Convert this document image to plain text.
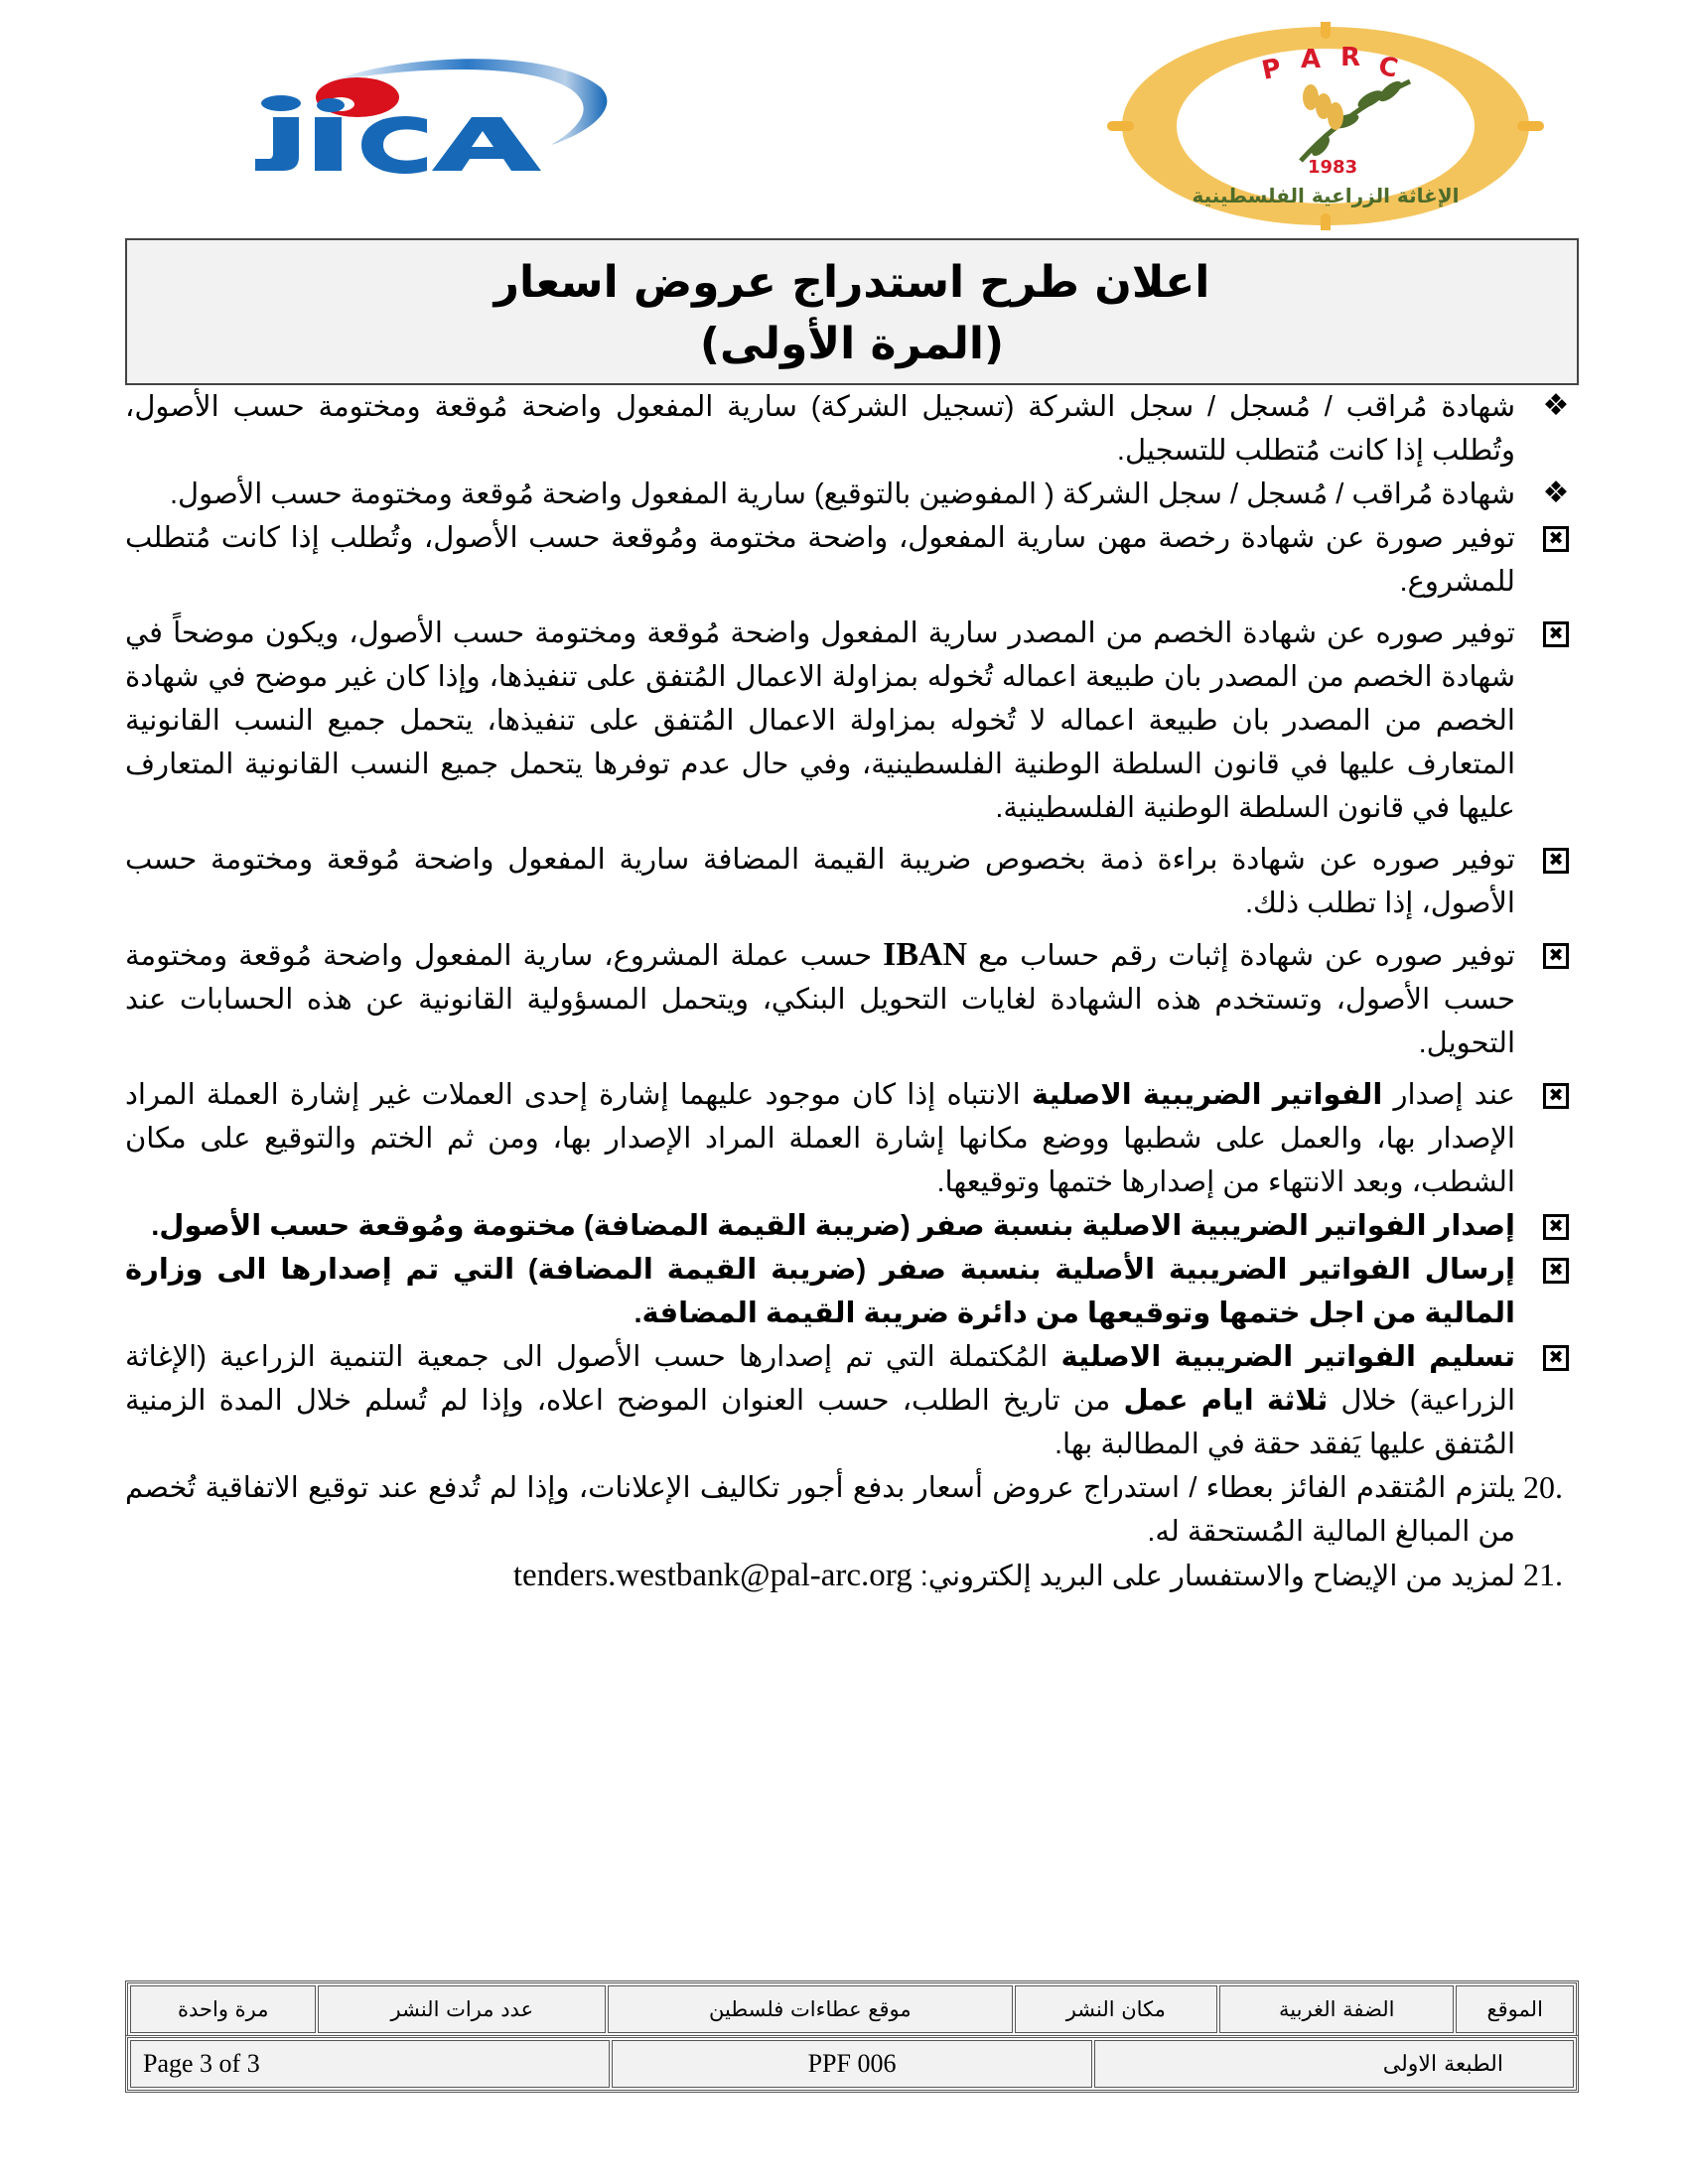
P A R C
1983
الإغاثة الزراعية الفلسطينية
اعلان طرح استدراج عروض اسعار
(المرة الأولى)
❖
شهادة مُراقب / مُسجل / سجل الشركة (تسجيل الشركة) سارية المفعول واضحة مُوقعة ومختومة حسب الأصول، وتُطلب إذا كانت مُتطلب للتسجيل.
❖
شهادة مُراقب / مُسجل / سجل الشركة ( المفوضين بالتوقيع) سارية المفعول واضحة مُوقعة ومختومة حسب الأصول.
✖
توفير صورة عن شهادة رخصة مهن سارية المفعول، واضحة مختومة ومُوقعة حسب الأصول، وتُطلب إذا كانت مُتطلب للمشروع.
✖
توفير صوره عن شهادة الخصم من المصدر سارية المفعول واضحة مُوقعة ومختومة حسب الأصول، ويكون موضحاً في شهادة الخصم من المصدر بان طبيعة اعماله تُخوله بمزاولة الاعمال المُتفق على تنفيذها، وإذا كان غير موضح في شهادة الخصم من المصدر بان طبيعة اعماله لا تُخوله بمزاولة الاعمال المُتفق على تنفيذها، يتحمل جميع النسب القانونية المتعارف عليها في قانون السلطة الوطنية الفلسطينية، وفي حال عدم توفرها يتحمل جميع النسب القانونية المتعارف عليها في قانون السلطة الوطنية الفلسطينية.
✖
توفير صوره عن شهادة براءة ذمة بخصوص ضريبة القيمة المضافة سارية المفعول واضحة مُوقعة ومختومة حسب الأصول، إذا تطلب ذلك.
✖
توفير صوره عن شهادة إثبات رقم حساب مع IBAN حسب عملة المشروع، سارية المفعول واضحة مُوقعة ومختومة حسب الأصول، وتستخدم هذه الشهادة لغايات التحويل البنكي، ويتحمل المسؤولية القانونية عن هذه الحسابات عند التحويل.
✖
عند إصدار الفواتير الضريبية الاصلية الانتباه إذا كان موجود عليهما إشارة إحدى العملات غير إشارة العملة المراد الإصدار بها، والعمل على شطبها ووضع مكانها إشارة العملة المراد الإصدار بها، ومن ثم الختم والتوقيع على مكان الشطب، وبعد الانتهاء من إصدارها ختمها وتوقيعها.
✖
إصدار الفواتير الضريبية الاصلية بنسبة صفر (ضريبة القيمة المضافة) مختومة ومُوقعة حسب الأصول.
✖
إرسال الفواتير الضريبية الأصلية بنسبة صفر (ضريبة القيمة المضافة) التي تم إصدارها الى وزارة المالية من اجل ختمها وتوقيعها من دائرة ضريبة القيمة المضافة.
✖
تسليم الفواتير الضريبية الاصلية المُكتملة التي تم إصدارها حسب الأصول الى جمعية التنمية الزراعية (الإغاثة الزراعية) خلال ثلاثة ايام عمل من تاريخ الطلب، حسب العنوان الموضح اعلاه، وإذا لم تُسلم خلال المدة الزمنية المُتفق عليها يَفقد حقة في المطالبة بها.
20.
يلتزم المُتقدم الفائز بعطاء / استدراج عروض أسعار بدفع أجور تكاليف الإعلانات، وإذا لم تُدفع عند توقيع الاتفاقية تُخصم من المبالغ المالية المُستحقة له.
21.
لمزيد من الإيضاح والاستفسار على البريد إلكتروني: tenders.westbank@pal-arc.org
الموقع	الضفة الغربية	مكان النشر	موقع عطاءات فلسطين	عدد مرات النشر	مرة واحدة
الطبعة الاولى	PPF 006	Page 3 of 3
